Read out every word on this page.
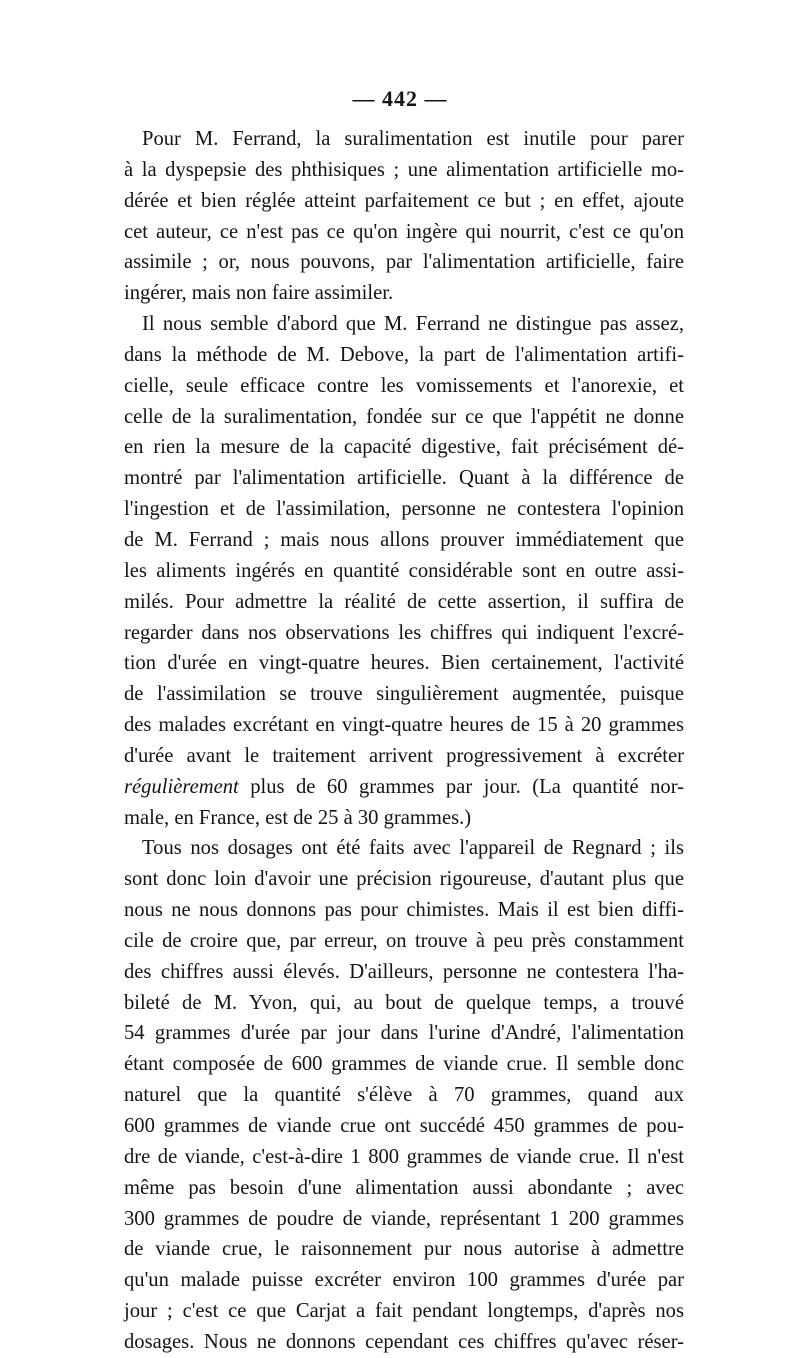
— 442 —
Pour M. Ferrand, la suralimentation est inutile pour parer
à la dyspepsie des phthisiques ; une alimentation artificielle mo-
dérée et bien réglée atteint parfaitement ce but ; en effet, ajoute
cet auteur, ce n'est pas ce qu'on ingère qui nourrit, c'est ce qu'on
assimile ; or, nous pouvons, par l'alimentation artificielle, faire
ingérer, mais non faire assimiler.
Il nous semble d'abord que M. Ferrand ne distingue pas assez,
dans la méthode de M. Debove, la part de l'alimentation artifi-
cielle, seule efficace contre les vomissements et l'anorexie, et
celle de la suralimentation, fondée sur ce que l'appétit ne donne
en rien la mesure de la capacité digestive, fait précisément dé-
montré par l'alimentation artificielle. Quant à la différence de
l'ingestion et de l'assimilation, personne ne contestera l'opinion
de M. Ferrand ; mais nous allons prouver immédiatement que
les aliments ingérés en quantité considérable sont en outre assi-
milés. Pour admettre la réalité de cette assertion, il suffira de
regarder dans nos observations les chiffres qui indiquent l'excré-
tion d'urée en vingt-quatre heures. Bien certainement, l'activité
de l'assimilation se trouve singulièrement augmentée, puisque
des malades excrétant en vingt-quatre heures de 15 à 20 grammes
d'urée avant le traitement arrivent progressivement à excréter
régulièrement plus de 60 grammes par jour. (La quantité nor-
male, en France, est de 25 à 30 grammes.)
Tous nos dosages ont été faits avec l'appareil de Regnard ; ils
sont donc loin d'avoir une précision rigoureuse, d'autant plus que
nous ne nous donnons pas pour chimistes. Mais il est bien diffi-
cile de croire que, par erreur, on trouve à peu près constamment
des chiffres aussi élevés. D'ailleurs, personne ne contestera l'ha-
bileté de M. Yvon, qui, au bout de quelque temps, a trouvé
54 grammes d'urée par jour dans l'urine d'André, l'alimentation
étant composée de 600 grammes de viande crue. Il semble donc
naturel que la quantité s'élève à 70 grammes, quand aux
600 grammes de viande crue ont succédé 450 grammes de pou-
dre de viande, c'est-à-dire 1 800 grammes de viande crue. Il n'est
même pas besoin d'une alimentation aussi abondante ; avec
300 grammes de poudre de viande, représentant 1 200 grammes
de viande crue, le raisonnement pur nous autorise à admettre
qu'un malade puisse excréter environ 100 grammes d'urée par
jour ; c'est ce que Carjat a fait pendant longtemps, d'après nos
dosages. Nous ne donnons cependant ces chiffres qu'avec réser-
